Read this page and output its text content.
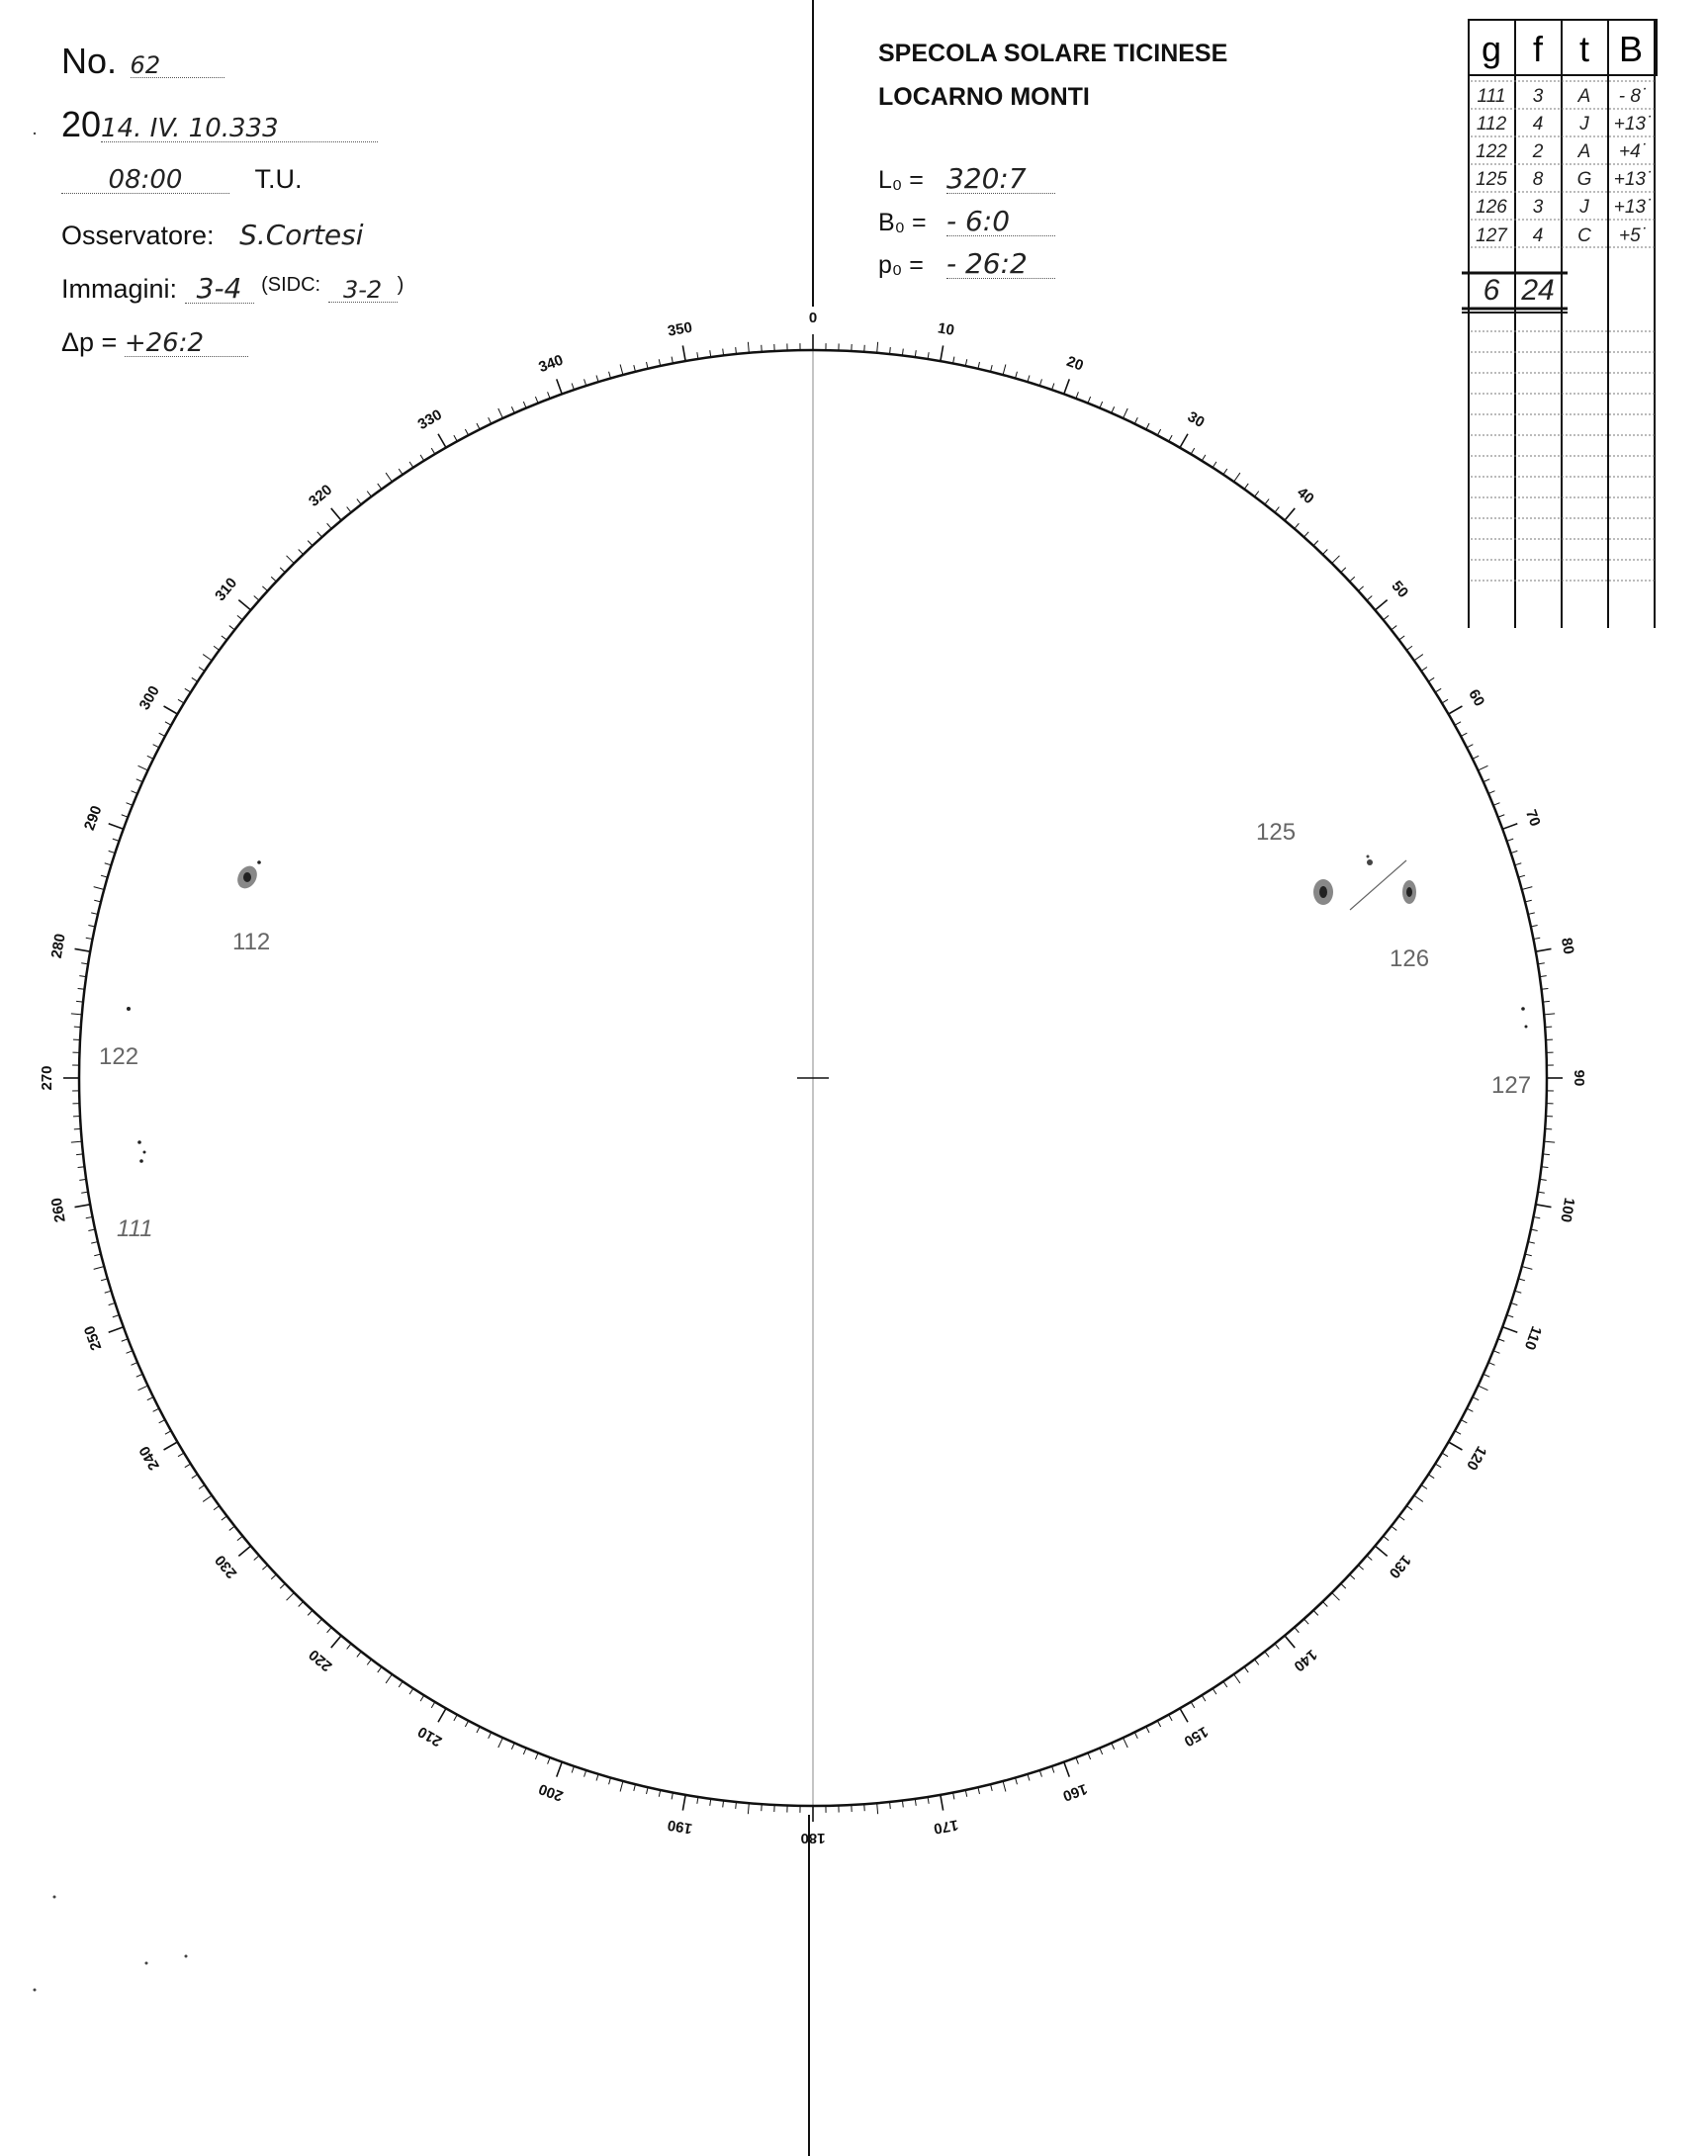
No. 62
2014. IV. 10.333
08:00	T.U.
Osservatore: S.Cortesi
Immagini: 3-4 $^{(SIDC:}$ 3-2 )
Δp = +26:2
SPECOLA SOLARE TICINESE
LOCARNO MONTI
L₀ = 320:7
B₀ = - 6:0
p₀ = - 26:2
g f t B
111 3 A - 8˙
112 4 J +13˙
122 2 A +4˙
125 8 G +13˙
126 3 J +13˙
127 4 C +5˙
6 24
0
10
20
30
40
50
60
70
80
90
100
110
120
130
140
150
160
170
180
190
200
210
220
230
240
250
260
270
280
290
300
310
320
330
340
350
112
122
111
125
126
127
